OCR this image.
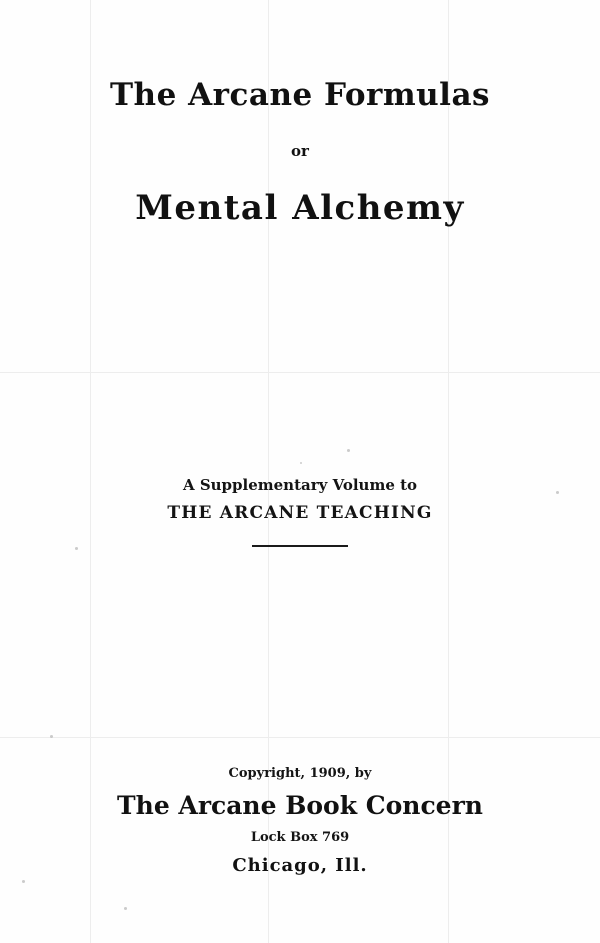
The Arcane Formulas
or
Mental Alchemy
A Supplementary Volume to
THE ARCANE TEACHING
Copyright, 1909, by
The Arcane Book Concern
Lock Box 769
Chicago, Ill.
